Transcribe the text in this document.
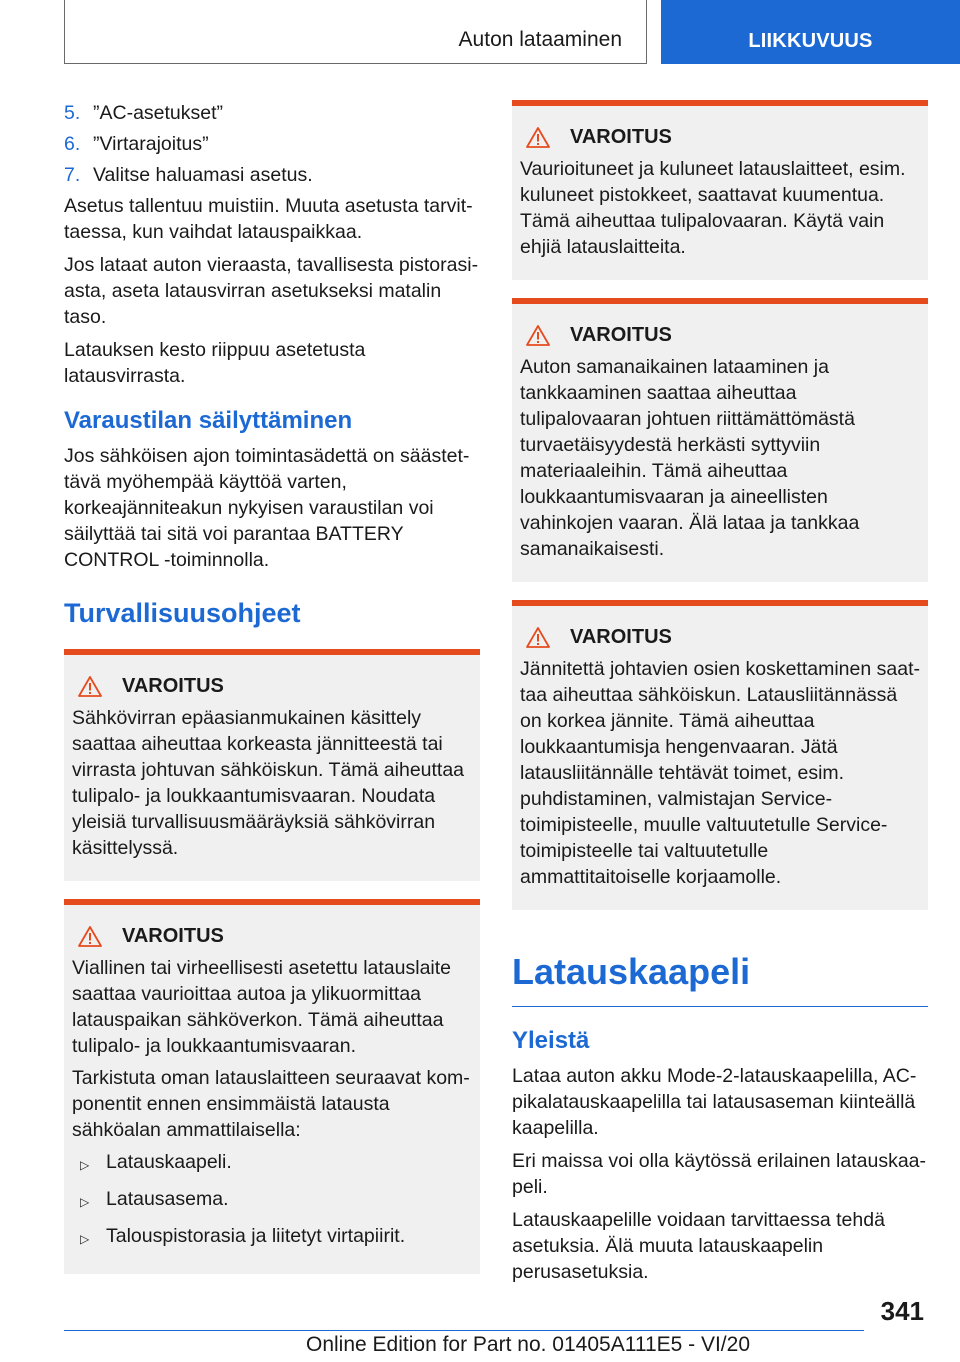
Auton lataaminen	LIIKKUVUUS
5. ”AC-asetukset”
6. ”Virtarajoitus”
7. Valitse haluamasi asetus.

Asetus tallentuu muistiin. Muuta asetusta tarvittaessa, kun vaihdat latauspaikkaa.

Jos lataat auton vieraasta, tavallisesta pistorasiasta, aseta latausvirran asetukseksi matalin taso.

Latauksen kesto riippuu asetetusta latausvirrasta.

Varaustilan säilyttäminen

Jos sähköisen ajon toimintasädettä on säästettävä myöhempää käyttöä varten, korkeajänniteakun nykyisen varaustilan voi säilyttää tai sitä voi parantaa BATTERY CONTROL -toiminnolla.

Turvallisuusohjeet
VAROITUS

Sähkövirran epäasianmukainen käsittely saattaa aiheuttaa korkeasta jännitteestä tai virrasta johtuvan sähköiskun. Tämä aiheuttaa tulipalo- ja loukkaantumisvaaran. Noudata yleisiä turvallisuusmääräyksiä sähkövirran käsittelyssä.

VAROITUS

Viallinen tai virheellisesti asetettu latauslaite saattaa vaurioittaa autoa ja ylikuormittaa latauspaikan sähköverkon. Tämä aiheuttaa tulipalo- ja loukkaantumisvaaran.

Tarkistuta oman latauslaitteen seuraavat komponentit ennen ensimmäistä latausta sähköalan ammattilaisella:

▷ Latauskaapeli.
▷ Latausasema.
▷ Talouspistorasia ja liitetyt virtapiirit.
VAROITUS

Vaurioituneet ja kuluneet latauslaitteet, esim. kuluneet pistokkeet, saattavat kuumentua. Tämä aiheuttaa tulipalovaaran. Käytä vain ehjiä latauslaitteita.

VAROITUS

Auton samanaikainen lataaminen ja tankkaaminen saattaa aiheuttaa tulipalovaaran johtuen riittämättömästä turvaetäisyydestä herkästi syttyviin materiaaleihin. Tämä aiheuttaa loukkaantumisvaaran ja aineellisten vahinkojen vaaran. Älä lataa ja tankkaa samanaikaisesti.

VAROITUS

Jännitettä johtavien osien koskettaminen saattaa aiheuttaa sähköiskun. Latausliitännässä on korkea jännite. Tämä aiheuttaa loukkaantumisja hengenvaaran. Jätä latausliitännälle tehtävät toimet, esim. puhdistaminen, valmistajan Service-toimipisteelle, muulle valtuutetulle Service-toimipisteelle tai valtuutetulle ammattitaitoiselle korjaamolle.

Latauskaapeli
Yleistä

Lataa auton akku Mode-2-latauskaapelilla, AC-pikalatauskaapelilla tai latausaseman kiinteällä kaapelilla.

Eri maissa voi olla käytössä erilainen latauskaapeli.

Latauskaapelille voidaan tarvittaessa tehdä asetuksia. Älä muuta latauskaapelin perusasetuksia.

341
Online Edition for Part no. 01405A111E5 - VI/20
